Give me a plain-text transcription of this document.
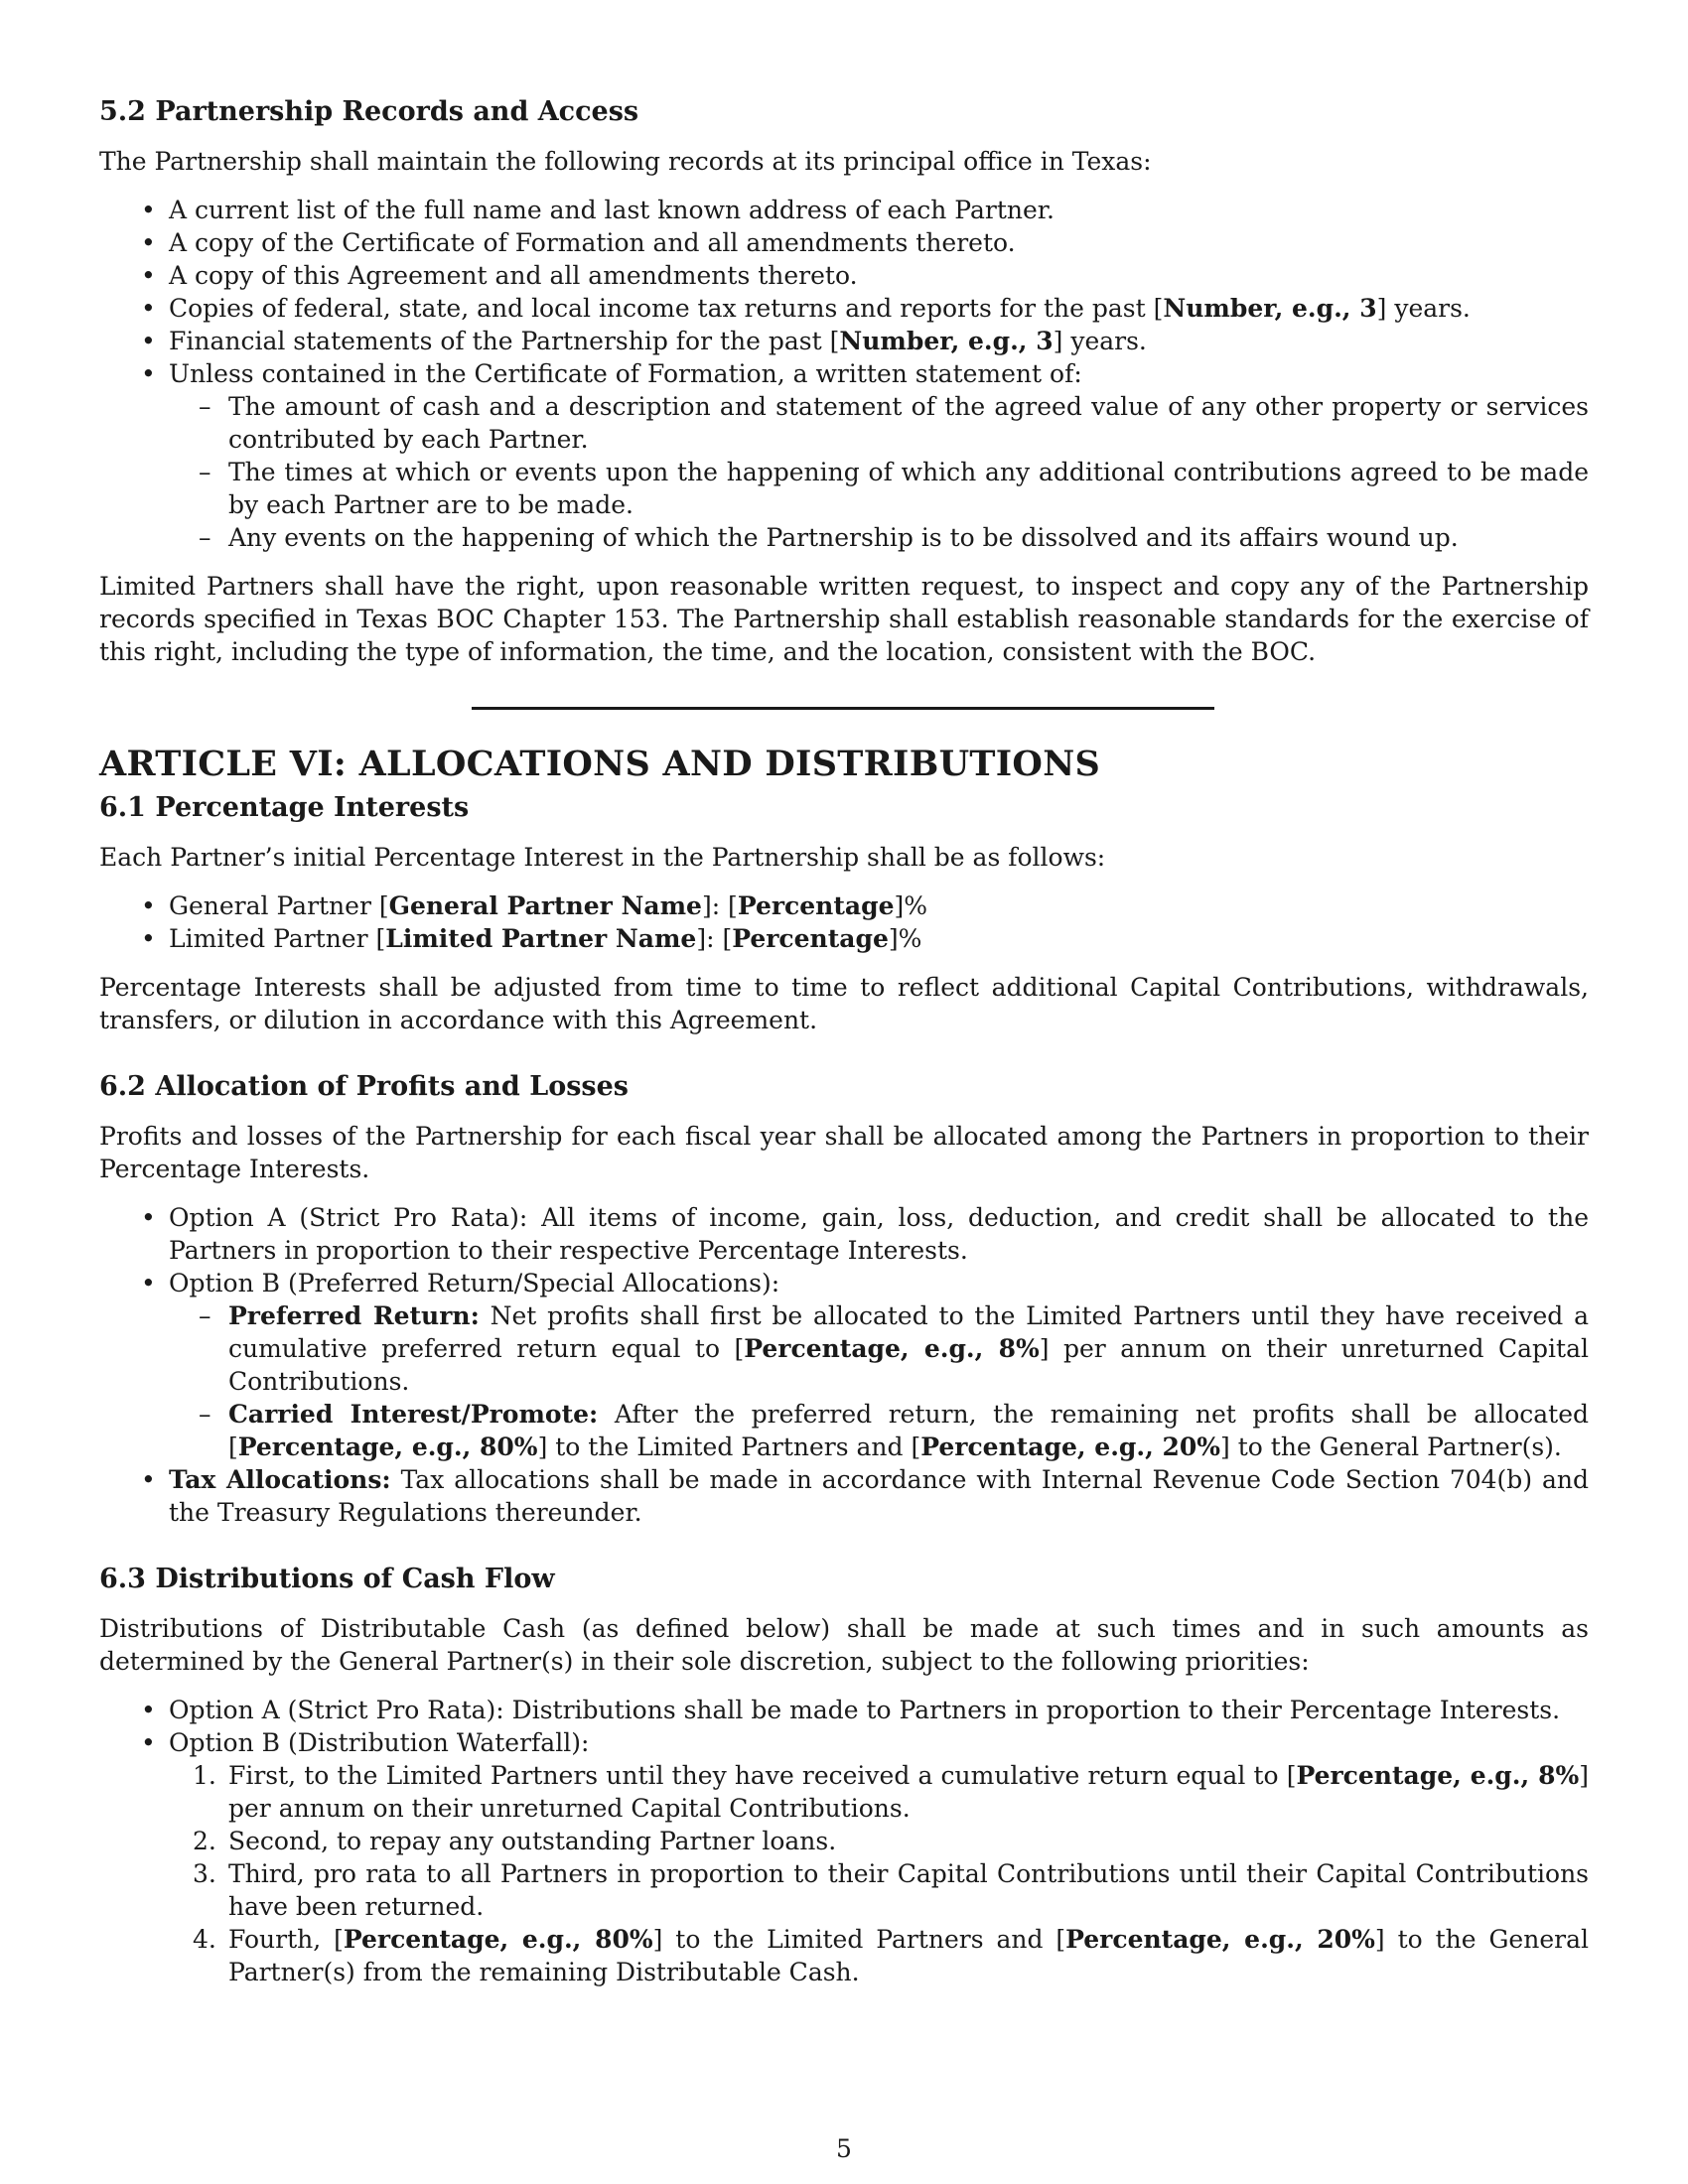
5.2 Partnership Records and Access

The Partnership shall maintain the following records at its principal office in Texas:

• A current list of the full name and last known address of each Partner.
• A copy of the Certificate of Formation and all amendments thereto.
• A copy of this Agreement and all amendments thereto.
• Copies of federal, state, and local income tax returns and reports for the past [Number, e.g., 3] years.
• Financial statements of the Partnership for the past [Number, e.g., 3] years.
• Unless contained in the Certificate of Formation, a written statement of:
– The amount of cash and a description and statement of the agreed value of any other property or services contributed by each Partner.
– The times at which or events upon the happening of which any additional contributions agreed to be made by each Partner are to be made.
– Any events on the happening of which the Partnership is to be dissolved and its affairs wound up.

Limited Partners shall have the right, upon reasonable written request, to inspect and copy any of the Partnership records specified in Texas BOC Chapter 153. The Partnership shall establish reasonable standards for the exercise of this right, including the type of information, the time, and the location, consistent with the BOC.

ARTICLE VI: ALLOCATIONS AND DISTRIBUTIONS
6.1 Percentage Interests

Each Partner’s initial Percentage Interest in the Partnership shall be as follows:

• General Partner [General Partner Name]: [Percentage]%
• Limited Partner [Limited Partner Name]: [Percentage]%

Percentage Interests shall be adjusted from time to time to reflect additional Capital Contributions, withdrawals, transfers, or dilution in accordance with this Agreement.

6.2 Allocation of Profits and Losses

Profits and losses of the Partnership for each fiscal year shall be allocated among the Partners in proportion to their Percentage Interests.

• Option A (Strict Pro Rata): All items of income, gain, loss, deduction, and credit shall be allocated to the Partners in proportion to their respective Percentage Interests.
• Option B (Preferred Return/Special Allocations):
– Preferred Return: Net profits shall first be allocated to the Limited Partners until they have received a cumulative preferred return equal to [Percentage, e.g., 8%] per annum on their unreturned Capital Contributions.
– Carried Interest/Promote: After the preferred return, the remaining net profits shall be allocated [Percentage, e.g., 80%] to the Limited Partners and [Percentage, e.g., 20%] to the General Partner(s).
• Tax Allocations: Tax allocations shall be made in accordance with Internal Revenue Code Section 704(b) and the Treasury Regulations thereunder.
6.3 Distributions of Cash Flow

Distributions of Distributable Cash (as defined below) shall be made at such times and in such amounts as determined by the General Partner(s) in their sole discretion, subject to the following priorities:

• Option A (Strict Pro Rata): Distributions shall be made to Partners in proportion to their Percentage Interests.
• Option B (Distribution Waterfall):
1. First, to the Limited Partners until they have received a cumulative return equal to [Percentage, e.g., 8%] per annum on their unreturned Capital Contributions.
2. Second, to repay any outstanding Partner loans.
3. Third, pro rata to all Partners in proportion to their Capital Contributions until their Capital Contributions have been returned.
4. Fourth, [Percentage, e.g., 80%] to the Limited Partners and [Percentage, e.g., 20%] to the General Partner(s) from the remaining Distributable Cash.
5
